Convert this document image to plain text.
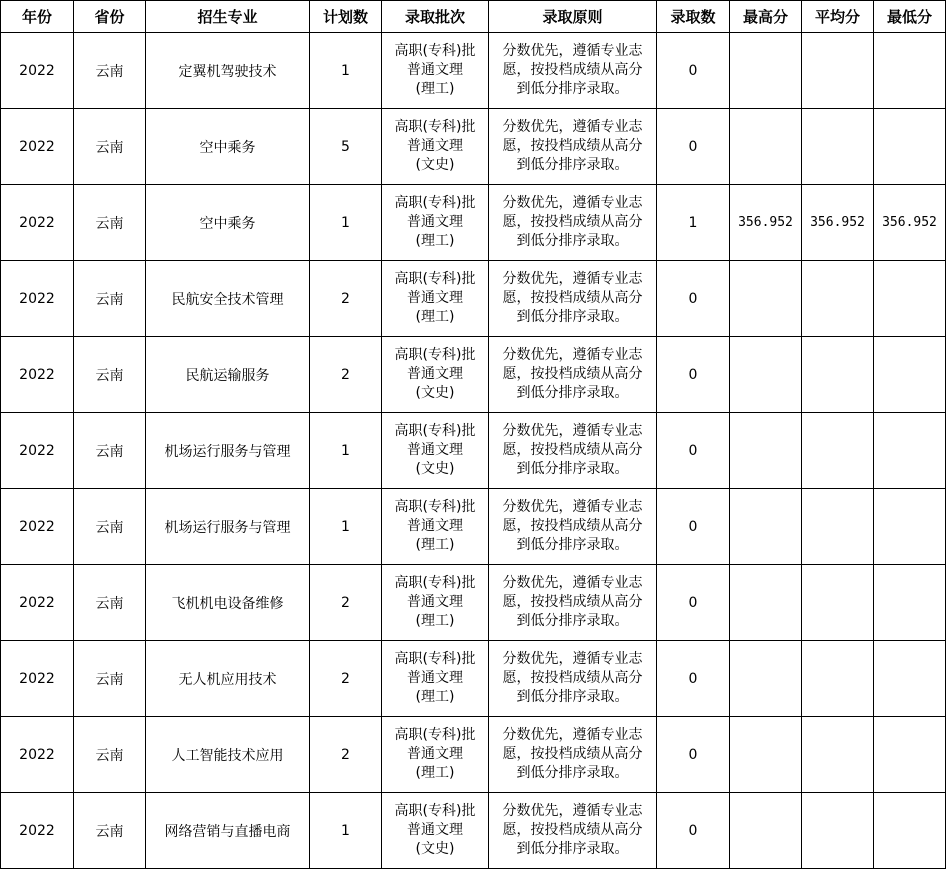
年份	省份	招生专业	计划数	录取批次	录取原则	录取数	最高分	平均分	最低分
2022	云南	定翼机驾驶技术	1	高职(专科)批
普通文理
(理工)	分数优先，遵循专业志
愿，按投档成绩从高分
到低分排序录取。	0			
2022	云南	空中乘务	5	高职(专科)批
普通文理
(文史)	分数优先，遵循专业志
愿，按投档成绩从高分
到低分排序录取。	0			
2022	云南	空中乘务	1	高职(专科)批
普通文理
(理工)	分数优先，遵循专业志
愿，按投档成绩从高分
到低分排序录取。	1	356.952	356.952	356.952
2022	云南	民航安全技术管理	2	高职(专科)批
普通文理
(理工)	分数优先，遵循专业志
愿，按投档成绩从高分
到低分排序录取。	0			
2022	云南	民航运输服务	2	高职(专科)批
普通文理
(文史)	分数优先，遵循专业志
愿，按投档成绩从高分
到低分排序录取。	0			
2022	云南	机场运行服务与管理	1	高职(专科)批
普通文理
(文史)	分数优先，遵循专业志
愿，按投档成绩从高分
到低分排序录取。	0			
2022	云南	机场运行服务与管理	1	高职(专科)批
普通文理
(理工)	分数优先，遵循专业志
愿，按投档成绩从高分
到低分排序录取。	0			
2022	云南	飞机机电设备维修	2	高职(专科)批
普通文理
(理工)	分数优先，遵循专业志
愿，按投档成绩从高分
到低分排序录取。	0			
2022	云南	无人机应用技术	2	高职(专科)批
普通文理
(理工)	分数优先，遵循专业志
愿，按投档成绩从高分
到低分排序录取。	0			
2022	云南	人工智能技术应用	2	高职(专科)批
普通文理
(理工)	分数优先，遵循专业志
愿，按投档成绩从高分
到低分排序录取。	0			
2022	云南	网络营销与直播电商	1	高职(专科)批
普通文理
(文史)	分数优先，遵循专业志
愿，按投档成绩从高分
到低分排序录取。	0			
